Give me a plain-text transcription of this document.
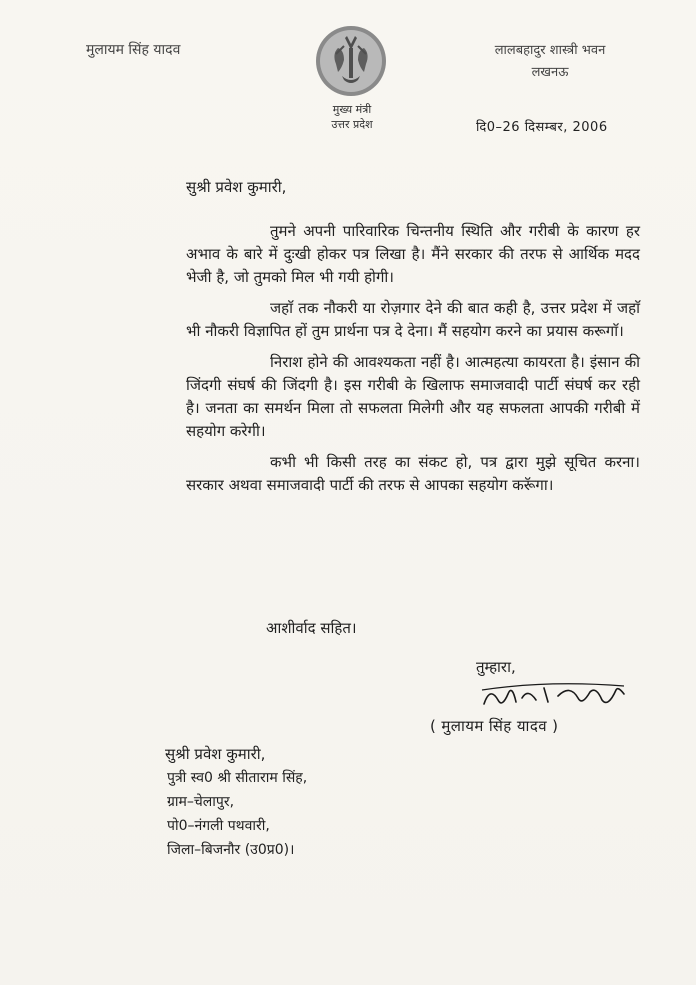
मुलायम सिंह यादव
मुख्य मंत्री
उत्तर प्रदेश
लालबहादुर शास्त्री भवन
लखनऊ
दि0–26 दिसम्बर, 2006
सुश्री प्रवेश कुमारी,

तुमने अपनी पारिवारिक चिन्तनीय स्थिति और गरीबी के कारण हर अभाव के बारे में दुःखी होकर पत्र लिखा है। मैंने सरकार की तरफ से आर्थिक मदद भेजी है, जो तुमको मिल भी गयी होगी।

जहाॅ तक नौकरी या रोज़गार देने की बात कही है, उत्तर प्रदेश में जहाॅ भी नौकरी विज्ञापित हों तुम प्रार्थना पत्र दे देना। मैं सहयोग करने का प्रयास करूगाॅ।

निराश होने की आवश्यकता नहीं है। आत्महत्या कायरता है। इंसान की जिंदगी संघर्ष की जिंदगी है। इस गरीबी के खिलाफ समाजवादी पार्टी संघर्ष कर रही है। जनता का समर्थन मिला तो सफलता मिलेगी और यह सफलता आपकी गरीबी में सहयोग करेगी।

कभी भी किसी तरह का संकट हो, पत्र द्वारा मुझे सूचित करना। सरकार अथवा समाजवादी पार्टी की तरफ से आपका सहयोग करूॅगा।

आशीर्वाद सहित।
तुम्हारा,
( मुलायम सिंह यादव )
सुश्री प्रवेश कुमारी,
पुत्री स्व0 श्री सीताराम सिंह,
ग्राम–चेलापुर,
पो0–नंगली पथवारी,
जिला–बिजनौर (उ0प्र0)।
